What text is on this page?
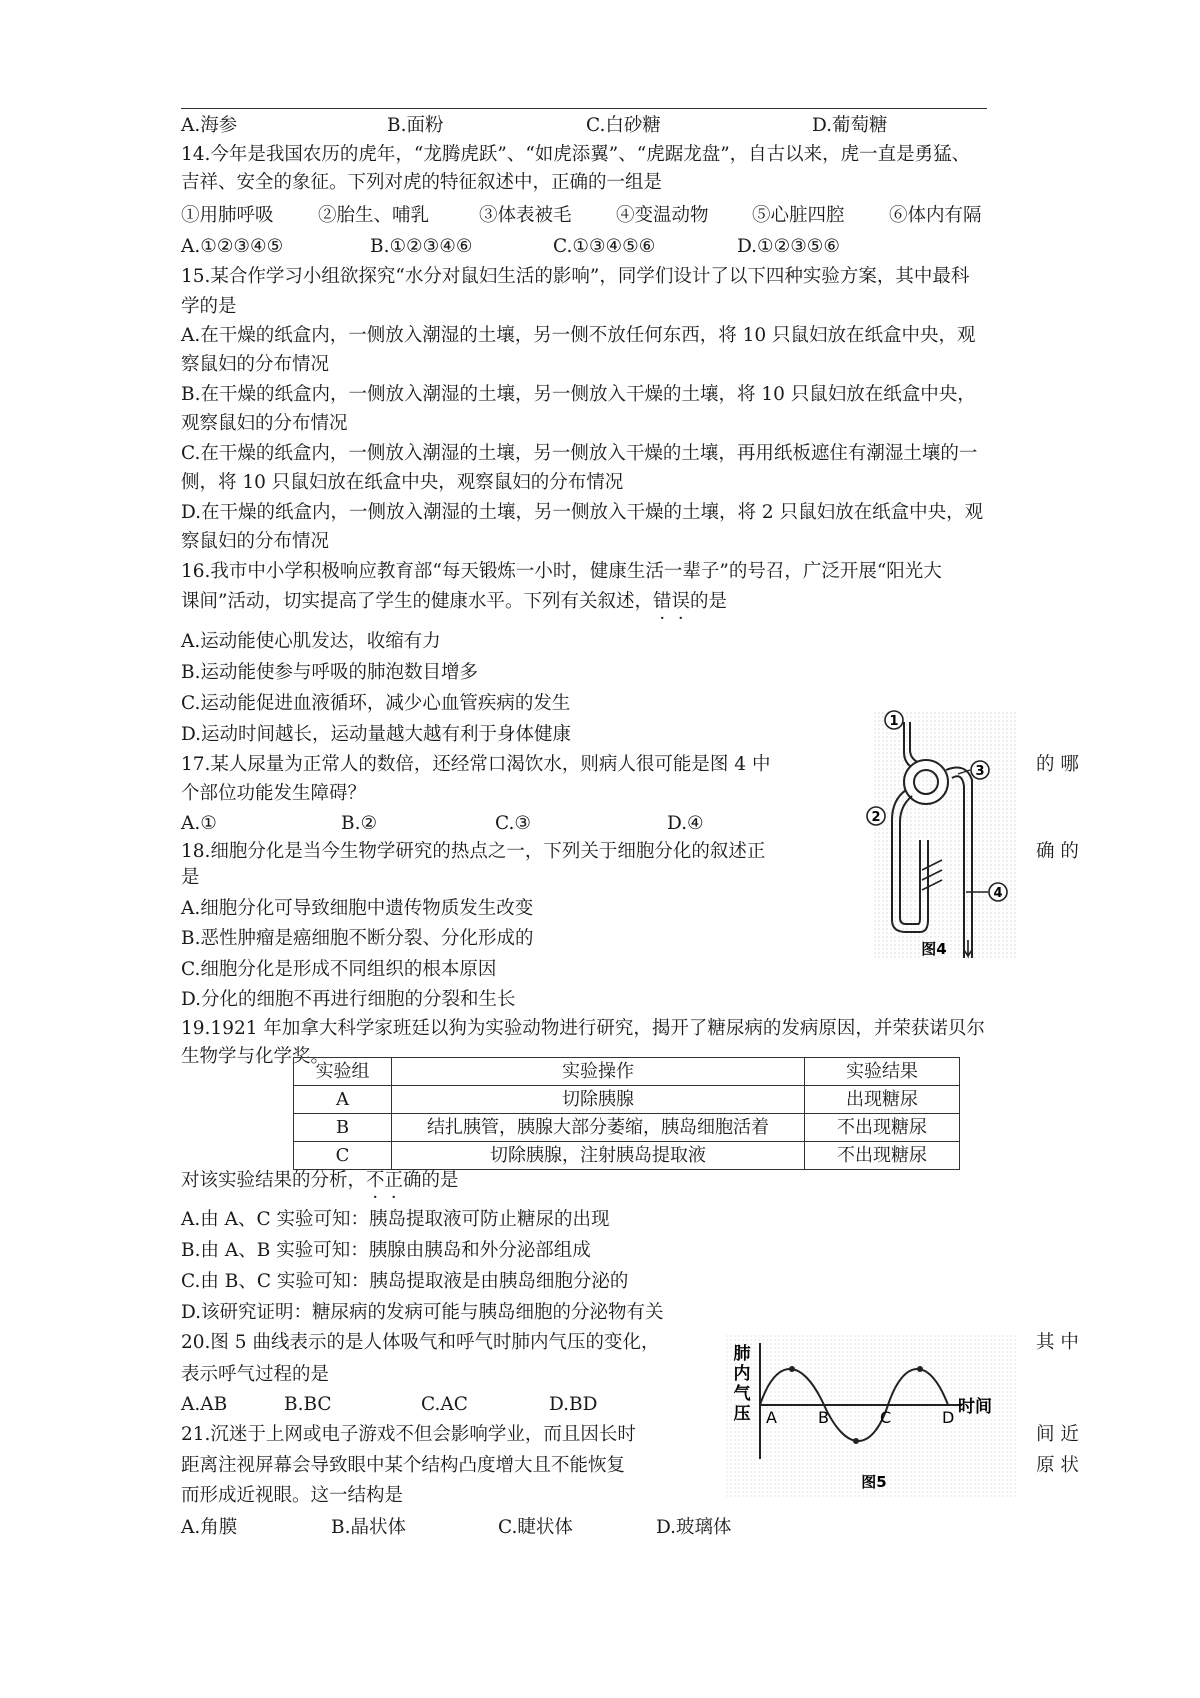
A.海参	B.面粉	C.白砂糖	D.葡萄糖
14.今年是我国农历的虎年，“龙腾虎跃”、“如虎添翼”、“虎踞龙盘”，自古以来，虎一直是勇猛、
吉祥、安全的象征。下列对虎的特征叙述中，正确的一组是
①用肺呼吸 ②胎生、哺乳	③体表被毛 ④变温动物 ⑤心脏四腔 ⑥体内有隔
A.①②③④⑤	B.①②③④⑥	C.①③④⑤⑥	D.①②③⑤⑥
15.某合作学习小组欲探究“水分对鼠妇生活的影响”，同学们设计了以下四种实验方案，其中最科
学的是
A.在干燥的纸盒内，一侧放入潮湿的土壤，另一侧不放任何东西，将 10 只鼠妇放在纸盒中央，观
察鼠妇的分布情况
B.在干燥的纸盒内，一侧放入潮湿的土壤，另一侧放入干燥的土壤，将 10 只鼠妇放在纸盒中央，
观察鼠妇的分布情况
C.在干燥的纸盒内，一侧放入潮湿的土壤，另一侧放入干燥的土壤，再用纸板遮住有潮湿土壤的一
侧，将 10 只鼠妇放在纸盒中央，观察鼠妇的分布情况
D.在干燥的纸盒内，一侧放入潮湿的土壤，另一侧放入干燥的土壤，将 2 只鼠妇放在纸盒中央，观
察鼠妇的分布情况
16.我市中小学积极响应教育部“每天锻炼一小时，健康生活一辈子”的号召，广泛开展“阳光大
课间”活动，切实提高了学生的健康水平。下列有关叙述，错误的是
A.运动能使心肌发达，收缩有力
B.运动能使参与呼吸的肺泡数目增多
C.运动能促进血液循环，减少心血管疾病的发生
D.运动时间越长，运动量越大越有利于身体健康
17.某人尿量为正常人的数倍，还经常口渴饮水，则病人很可能是图 4 中	的 哪
个部位功能发生障碍？
A.①	B.②	C.③	D.④
18.细胞分化是当今生物学研究的热点之一，下列关于细胞分化的叙述正	确 的
是
A.细胞分化可导致细胞中遗传物质发生改变
B.恶性肿瘤是癌细胞不断分裂、分化形成的
C.细胞分化是形成不同组织的根本原因
D.分化的细胞不再进行细胞的分裂和生长
19.1921 年加拿大科学家班廷以狗为实验动物进行研究，揭开了糖尿病的发病原因，并荣获诺贝尔
生物学与化学奖。
实验组	实验操作	实验结果
A	切除胰腺	出现糖尿
B	结扎胰管，胰腺大部分萎缩，胰岛细胞活着	不出现糖尿
C	切除胰腺，注射胰岛提取液	不出现糖尿
对该实验结果的分析，不正确的是
A.由 A、C 实验可知：胰岛提取液可防止糖尿的出现
B.由 A、B 实验可知：胰腺由胰岛和外分泌部组成
C.由 B、C 实验可知：胰岛提取液是由胰岛细胞分泌的
D.该研究证明：糖尿病的发病可能与胰岛细胞的分泌物有关
20.图 5 曲线表示的是人体吸气和呼气时肺内气压的变化，	其 中
表示呼气过程的是
A.AB	B.BC	C.AC	D.BD
21.沉迷于上网或电子游戏不但会影响学业，而且因长时	间 近
距离注视屏幕会导致眼中某个结构凸度增大且不能恢复	原 状
而形成近视眼。这一结构是
A.角膜	B.晶状体	C.睫状体	D.玻璃体
1
2
3
4
图4
肺
内
气
压 A	B	C	D
时间
图5
